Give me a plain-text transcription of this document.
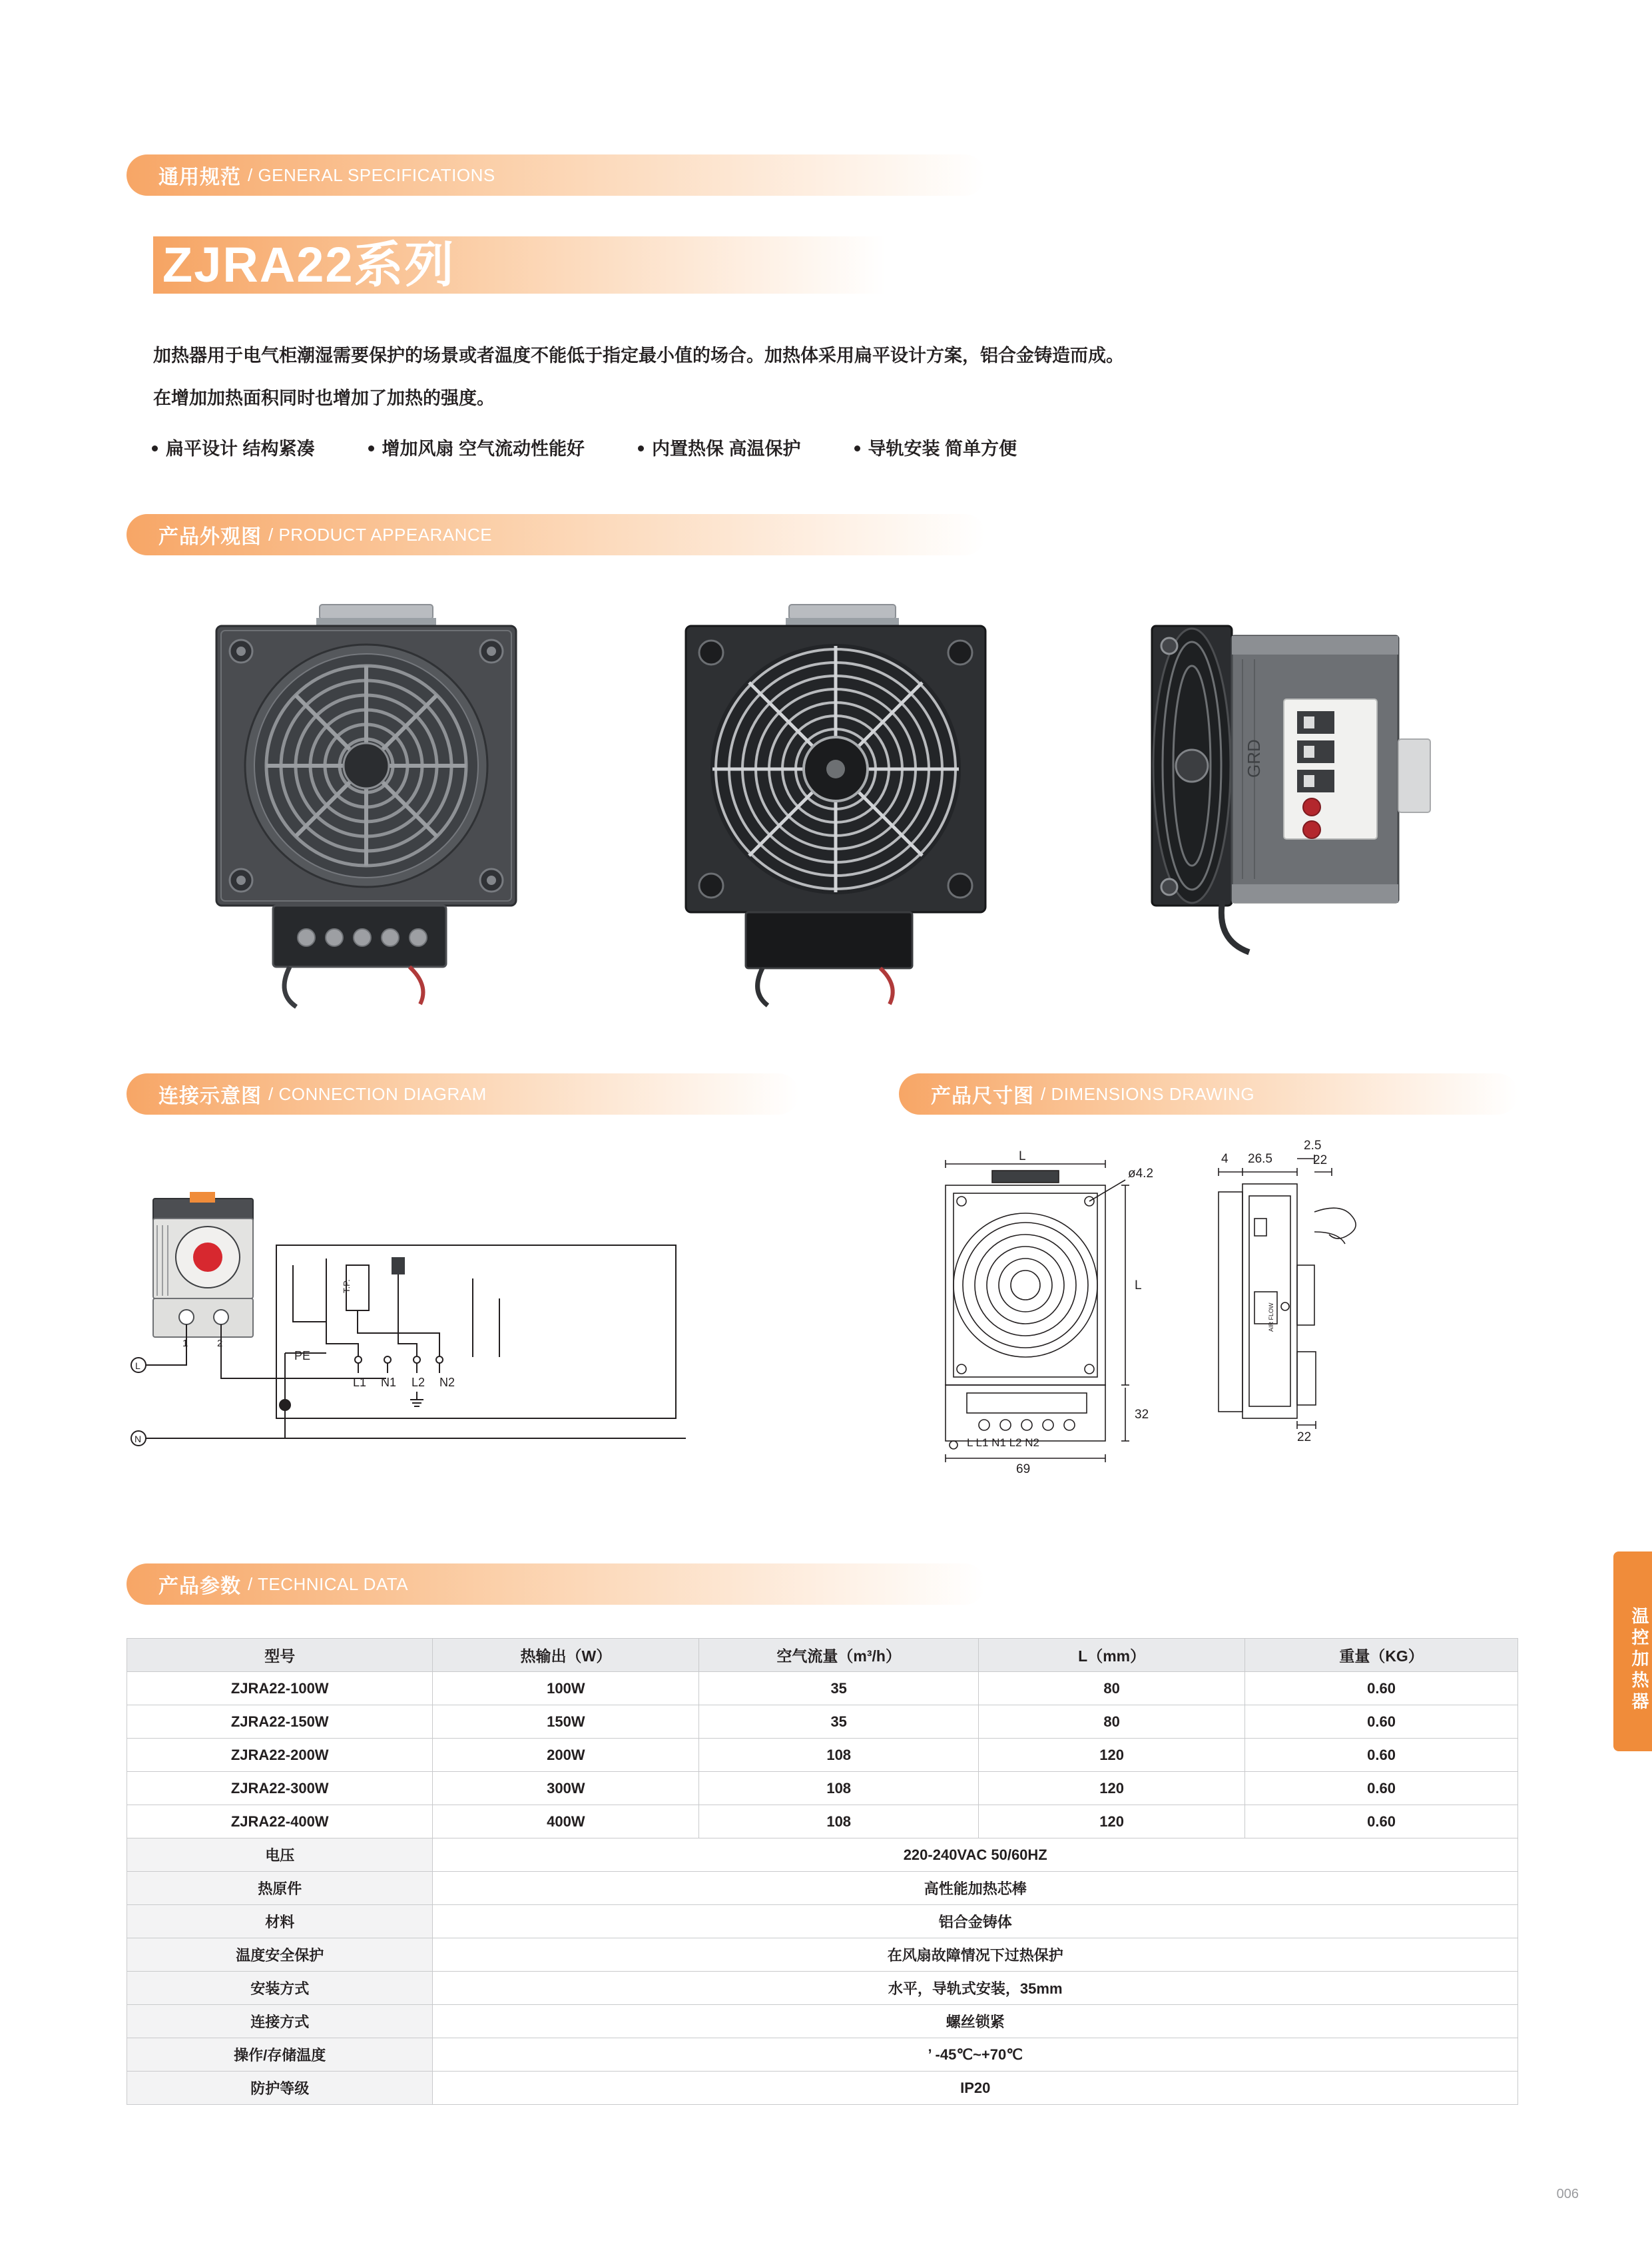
通用规范 / GENERAL SPECIFICATIONS
ZJRA22系列
加热器用于电气柜潮湿需要保护的场景或者温度不能低于指定最小值的场合。加热体采用扁平设计方案，铝合金铸造而成。
在增加加热面积同时也增加了加热的强度。
扁平设计 结构紧凑	增加风扇 空气流动性能好	内置热保 高温保护	导轨安装 简单方便
产品外观图 / PRODUCT APPEARANCE
GRD
连接示意图 / CONNECTION DIAGRAM
1	2
L
N
T.P.
PE
L1 N1 L2 N2
产品尺寸图 / DIMENSIONS DRAWING
L
ø4.2
L
32
69
L L1 N1 L2 N2
4 26.5
2.5
22
22
AIR FLOW
温控加热器
产品参数 / TECHNICAL DATA
型号	热输出（W）	空气流量（m³/h）	L（mm）	重量（KG）
ZJRA22-100W	100W	35	80	0.60
ZJRA22-150W	150W	35	80	0.60
ZJRA22-200W	200W	108	120	0.60
ZJRA22-300W	300W	108	120	0.60
ZJRA22-400W	400W	108	120	0.60
电压	220-240VAC 50/60HZ			
热原件	高性能加热芯棒			
材料	铝合金铸体			
温度安全保护	在风扇故障情况下过热保护			
安装方式	水平，导轨式安装，35mm			
连接方式	螺丝锁紧			
操作/存储温度	’ -45℃~+70℃			
防护等级	IP20			
006
